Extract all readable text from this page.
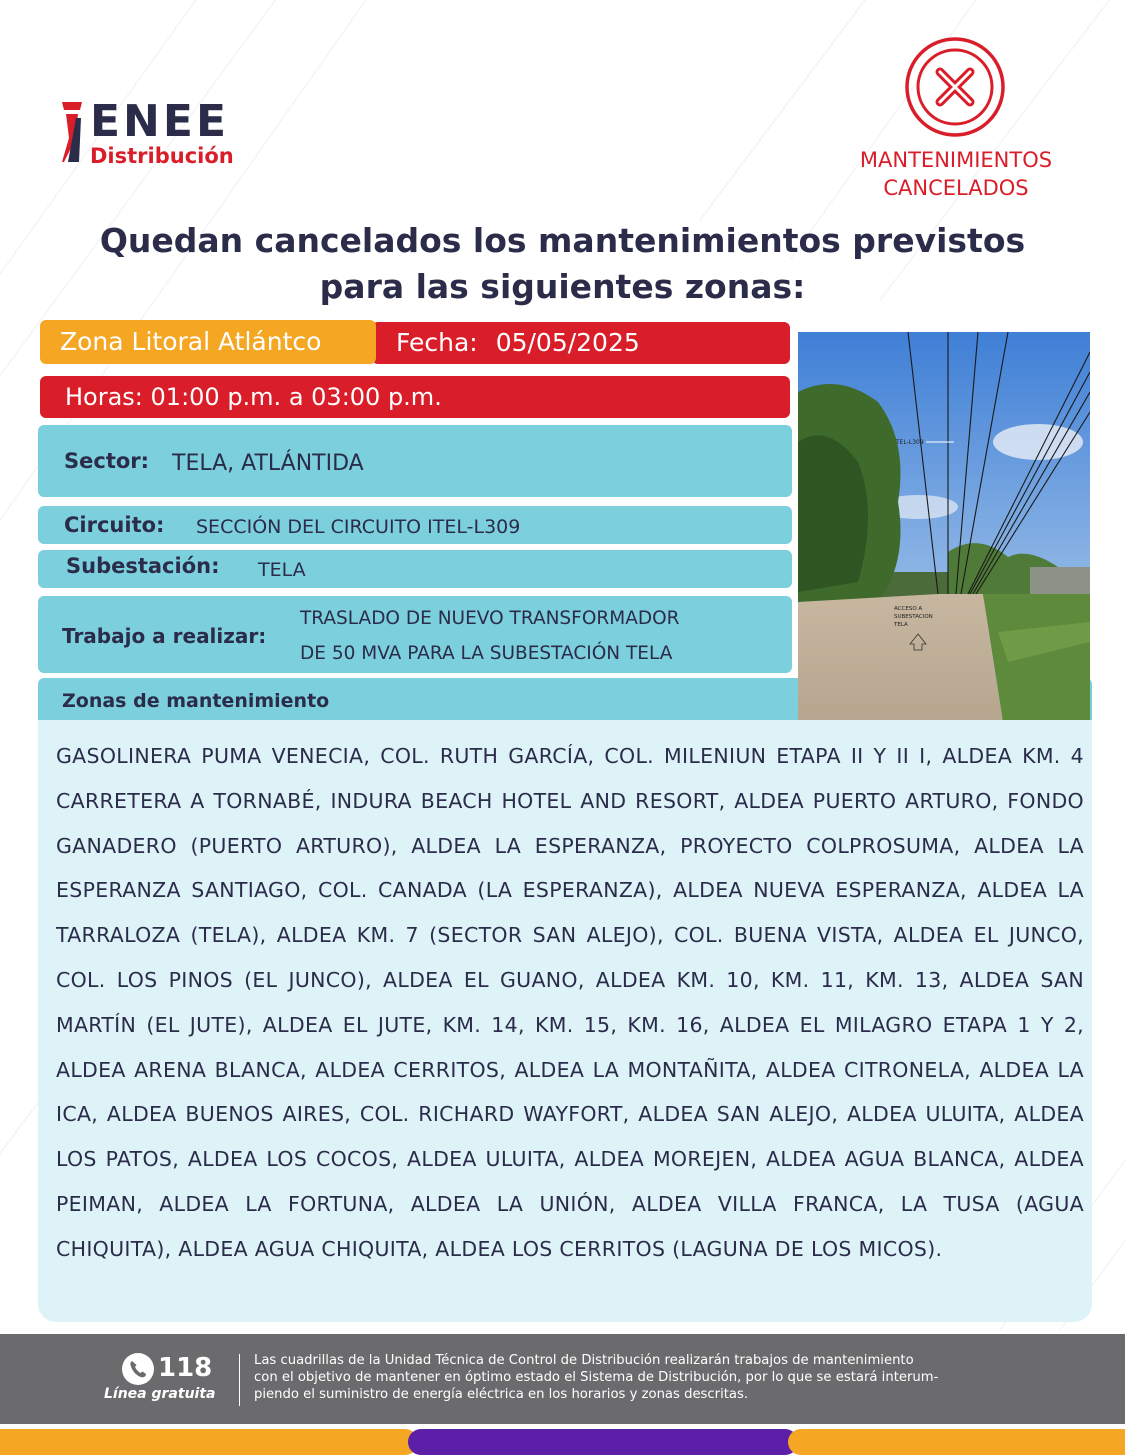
ENEE
Distribución	MANTENIMIENTOS
CANCELADOS
Quedan cancelados los mantenimientos previstos
para las siguientes zonas:
Zona Litoral Atlántco	Fecha: 05/05/2025
Horas: 01:00 p.m. a 03:00 p.m.
Sector: TELA, ATLÁNTIDA
Circuito: SECCIÓN DEL CIRCUITO ITEL-L309
Subestación: TELA
Trabajo a realizar:
TRASLADO DE NUEVO TRANSFORMADOR
DE 50 MVA PARA LA SUBESTACIÓN TELA
Zonas de mantenimiento
TEL-L309
ACCESO A
SUBESTACION
TELA
GASOLINERA PUMA VENECIA, COL. RUTH GARCÍA, COL. MILENIUN ETAPA II Y II I, ALDEA KM. 4 CARRETERA A TORNABÉ, INDURA BEACH HOTEL AND RESORT, ALDEA PUERTO ARTURO, FONDO GANADERO (PUERTO ARTURO), ALDEA LA ESPERANZA, PROYECTO COLPROSUMA, ALDEA LA ESPERANZA SANTIAGO, COL. CANADA (LA ESPERANZA), ALDEA NUEVA ESPERANZA, ALDEA LA TARRALOZA (TELA), ALDEA KM. 7 (SECTOR SAN ALEJO), COL. BUENA VISTA, ALDEA EL JUNCO, COL. LOS PINOS (EL JUNCO), ALDEA EL GUANO, ALDEA KM. 10, KM. 11, KM. 13, ALDEA SAN MARTÍN (EL JUTE), ALDEA EL JUTE, KM. 14, KM. 15, KM. 16, ALDEA EL MILAGRO ETAPA 1 Y 2, ALDEA ARENA BLANCA, ALDEA CERRITOS, ALDEA LA MONTAÑITA, ALDEA CITRONELA, ALDEA LA ICA, ALDEA BUENOS AIRES, COL. RICHARD WAYFORT, ALDEA SAN ALEJO, ALDEA ULUITA, ALDEA LOS PATOS, ALDEA LOS COCOS, ALDEA ULUITA, ALDEA MOREJEN, ALDEA AGUA BLANCA, ALDEA PEIMAN, ALDEA LA FORTUNA, ALDEA LA UNIÓN, ALDEA VILLA FRANCA, LA TUSA (AGUA CHIQUITA), ALDEA AGUA CHIQUITA, ALDEA LOS CERRITOS (LAGUNA DE LOS MICOS).
118
Línea gratuita
Las cuadrillas de la Unidad Técnica de Control de Distribución realizarán trabajos de mantenimiento
con el objetivo de mantener en óptimo estado el Sistema de Distribución, por lo que se estará interum-
piendo el suministro de energía eléctrica en los horarios y zonas descritas.
